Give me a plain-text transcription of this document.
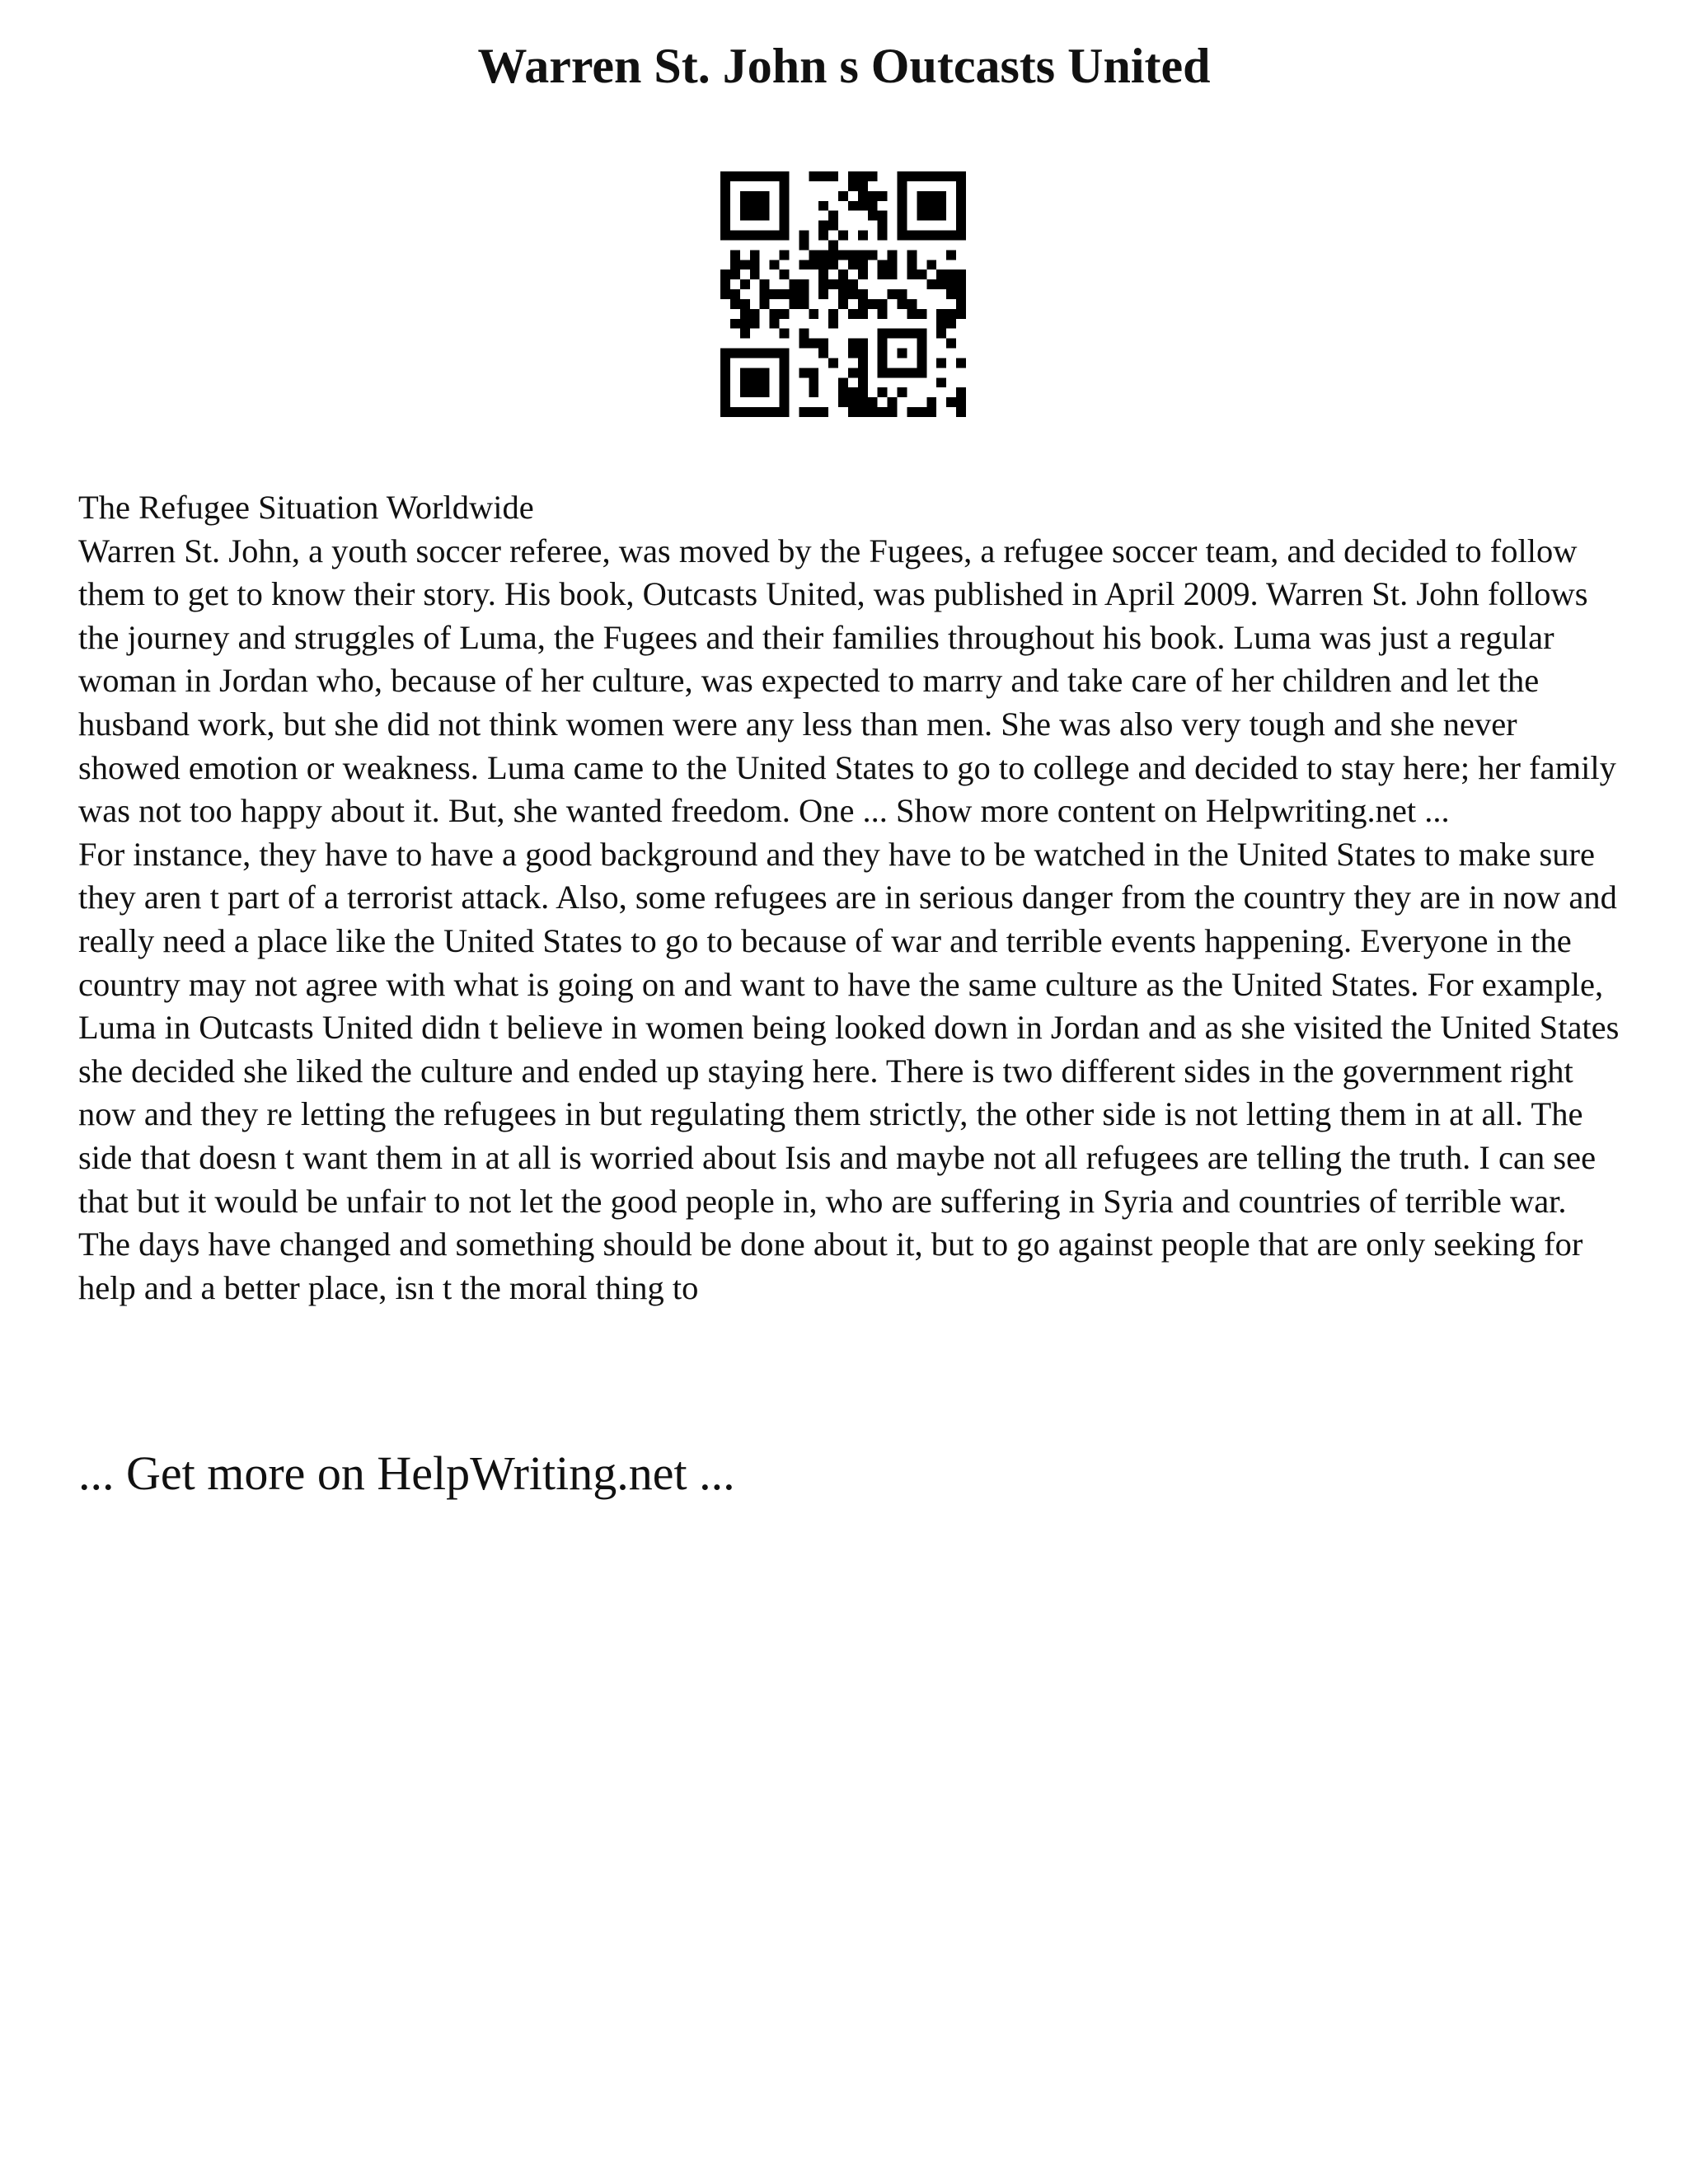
Warren St. John s Outcasts United

The Refugee Situation Worldwide

Warren St. John, a youth soccer referee, was moved by the Fugees, a refugee soccer team, and decided to follow them to get to know their story. His book, Outcasts United, was published in April 2009. Warren St. John follows the journey and struggles of Luma, the Fugees and their families throughout his book. Luma was just a regular woman in Jordan who, because of her culture, was expected to marry and take care of her children and let the husband work, but she did not think women were any less than men. She was also very tough and she never showed emotion or weakness. Luma came to the United States to go to college and decided to stay here; her family was not too happy about it. But, she wanted freedom. One ... Show more content on Helpwriting.net ...

For instance, they have to have a good background and they have to be watched in the United States to make sure they aren t part of a terrorist attack. Also, some refugees are in serious danger from the country they are in now and really need a place like the United States to go to because of war and terrible events happening. Everyone in the country may not agree with what is going on and want to have the same culture as the United States. For example, Luma in Outcasts United didn t believe in women being looked down in Jordan and as she visited the United States she decided she liked the culture and ended up staying here. There is two different sides in the government right now and they re letting the refugees in but regulating them strictly, the other side is not letting them in at all. The side that doesn t want them in at all is worried about Isis and maybe not all refugees are telling the truth. I can see that but it would be unfair to not let the good people in, who are suffering in Syria and countries of terrible war. The days have changed and something should be done about it, but to go against people that are only seeking for help and a better place, isn t the moral thing to

... Get more on HelpWriting.net ...
